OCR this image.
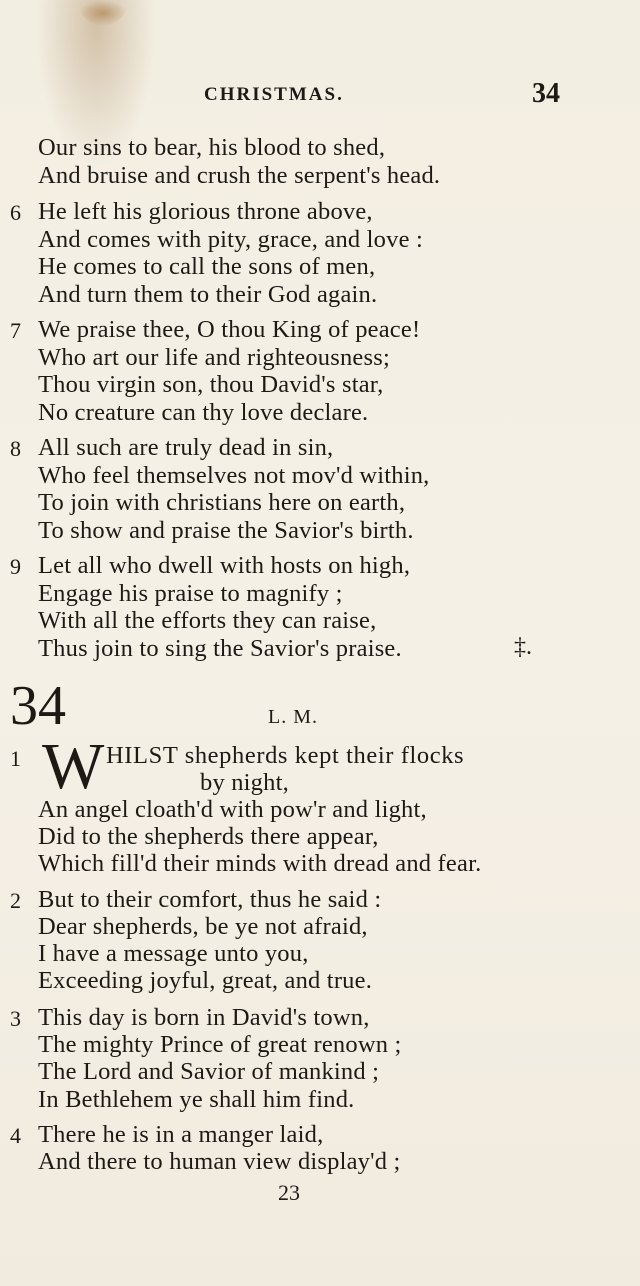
CHRISTMAS.	34
Our sins to bear, his blood to shed,
And bruise and crush the serpent's head.
6 He left his glorious throne above,
And comes with pity, grace, and love :
He comes to call the sons of men,
And turn them to their God again.
7 We praise thee, O thou King of peace!
Who art our life and righteousness;
Thou virgin son, thou David's star,
No creature can thy love declare.
8 All such are truly dead in sin,
Who feel themselves not mov'd within,
To join with christians here on earth,
To show and praise the Savior's birth.
9 Let all who dwell with hosts on high,
Engage his praise to magnify ;
With all the efforts they can raise,
Thus join to sing the Savior's praise.	‡.
34	L. M.
1 W HILST shepherds kept their flocks
by night,
An angel cloath'd with pow'r and light,
Did to the shepherds there appear,
Which fill'd their minds with dread and fear.
2 But to their comfort, thus he said :
Dear shepherds, be ye not afraid,
I have a message unto you,
Exceeding joyful, great, and true.
3 This day is born in David's town,
The mighty Prince of great renown ;
The Lord and Savior of mankind ;
In Bethlehem ye shall him find.
4 There he is in a manger laid,
And there to human view display'd ;
23
